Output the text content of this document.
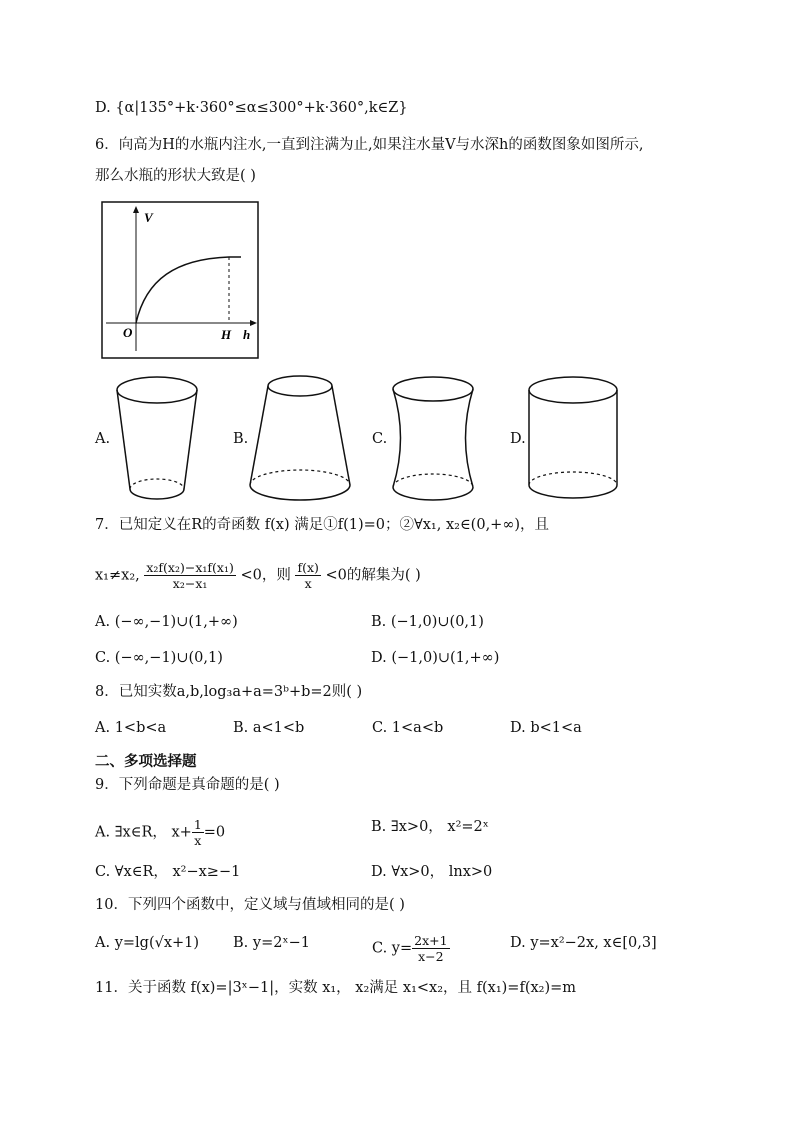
D. {α|135°+k·360°≤α≤300°+k·360°,k∈Z}
6．向高为H的水瓶内注水,一直到注满为止,如果注水量V与水深h的函数图象如图所示,
那么水瓶的形状大致是( )
V
O	H h
A.	B.	C.	D.
7．已知定义在R的奇函数 f(x) 满足①f(1)=0；②∀x₁, x₂∈(0,+∞)，且
x₁≠x₂, $\frac{\text{x₂f(x₂)−x₁f(x₁)}}{\text{x₂−x₁}} <0$，则 $\frac{f(x)}{x} <0$的解集为( )
A. (−∞,−1)∪(1,+∞)	B. (−1,0)∪(0,1)
C. (−∞,−1)∪(0,1)	D. (−1,0)∪(1,+∞)
8．已知实数a,b,log₃a+a=3ᵇ+b=2则( )
A. 1<b<a	B. a<1<b	C. 1<a<b	D. b<1<a
二、多项选择题
9．下列命题是真命题的是( )
A. ∃x∈R， $x+ \frac{1}{x} =0$	B. ∃x>0， x²=2ˣ
C. ∀x∈R， x²−x≥−1	D. ∀x>0， lnx>0
10．下列四个函数中，定义域与值域相同的是( )
A. y=lg(√x+1) B. y=2ˣ−1	C. $y= \frac{2x+1}{x-2}$	D. y=x²−2x, x∈[0,3]
11．关于函数 f(x)=|3ˣ−1|，实数 x₁， x₂满足 x₁<x₂，且 f(x₁)=f(x₂)=m
